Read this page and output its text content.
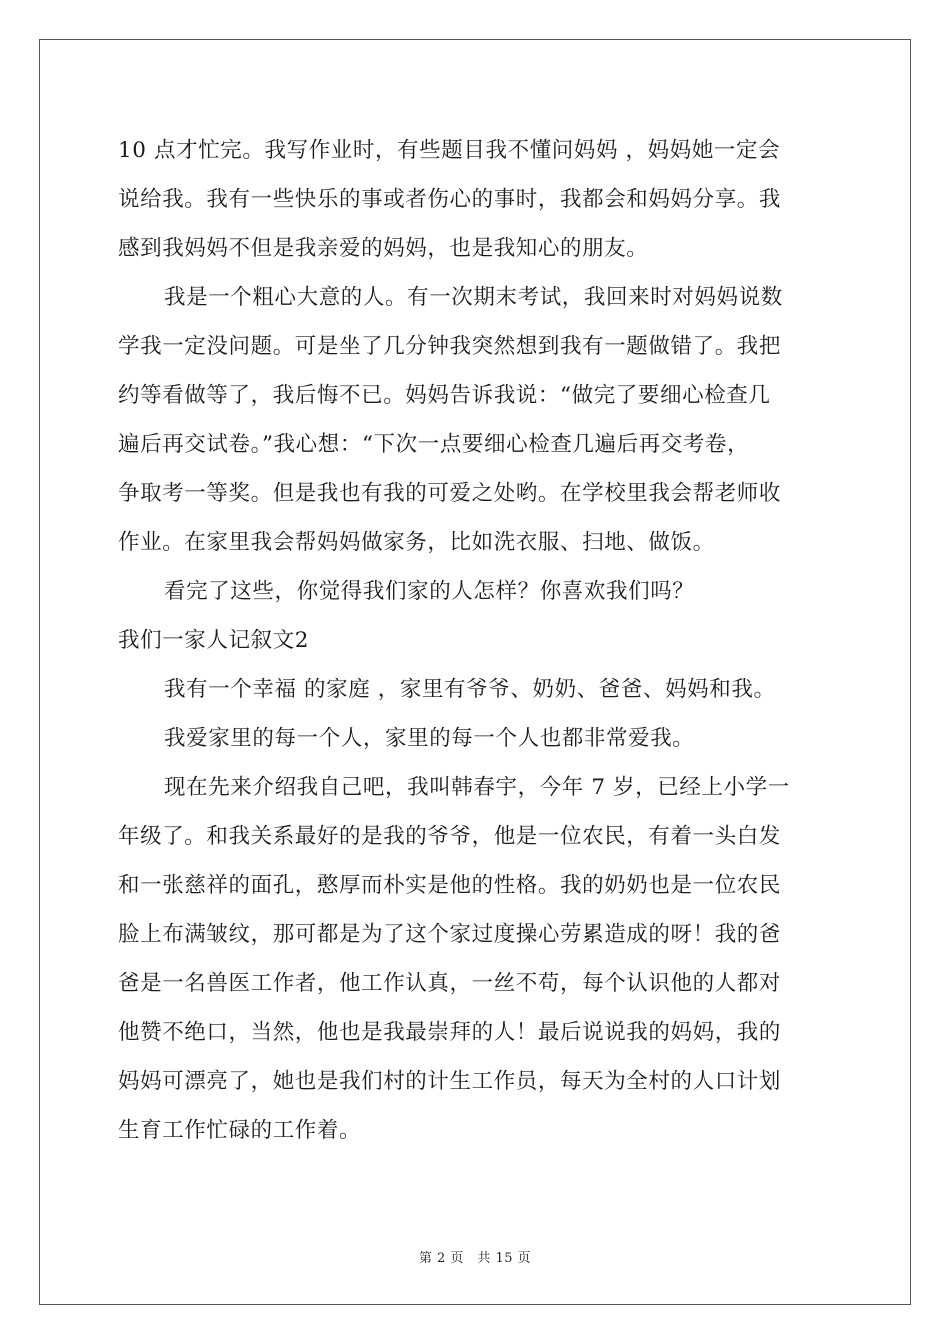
10 点才忙完。我写作业时，有些题目我不懂问妈妈 ，妈妈她一定会
说给我。我有一些快乐的事或者伤心的事时，我都会和妈妈分享。我
感到我妈妈不但是我亲爱的妈妈，也是我知心的朋友。
我是一个粗心大意的人。有一次期末考试，我回来时对妈妈说数
学我一定没问题。可是坐了几分钟我突然想到我有一题做错了。我把
约等看做等了，我后悔不已。妈妈告诉我说：“做完了要细心检查几
遍后再交试卷。”我心想：“下次一点要细心检查几遍后再交考卷，
争取考一等奖。但是我也有我的可爱之处哟。在学校里我会帮老师收
作业。在家里我会帮妈妈做家务，比如洗衣服、扫地、做饭。
看完了这些，你觉得我们家的人怎样？你喜欢我们吗？
我们一家人记叙文2
我有一个幸福 的家庭 ，家里有爷爷、奶奶、爸爸、妈妈和我。
我爱家里的每一个人，家里的每一个人也都非常爱我。
现在先来介绍我自己吧，我叫韩春宇，今年 7 岁，已经上小学一
年级了。和我关系最好的是我的爷爷，他是一位农民，有着一头白发
和一张慈祥的面孔，憨厚而朴实是他的性格。我的奶奶也是一位农民
脸上布满皱纹，那可都是为了这个家过度操心劳累造成的呀！我的爸
爸是一名兽医工作者，他工作认真，一丝不苟，每个认识他的人都对
他赞不绝口，当然，他也是我最崇拜的人！最后说说我的妈妈，我的
妈妈可漂亮了，她也是我们村的计生工作员，每天为全村的人口计划
生育工作忙碌的工作着。
第 2 页　共 15 页
